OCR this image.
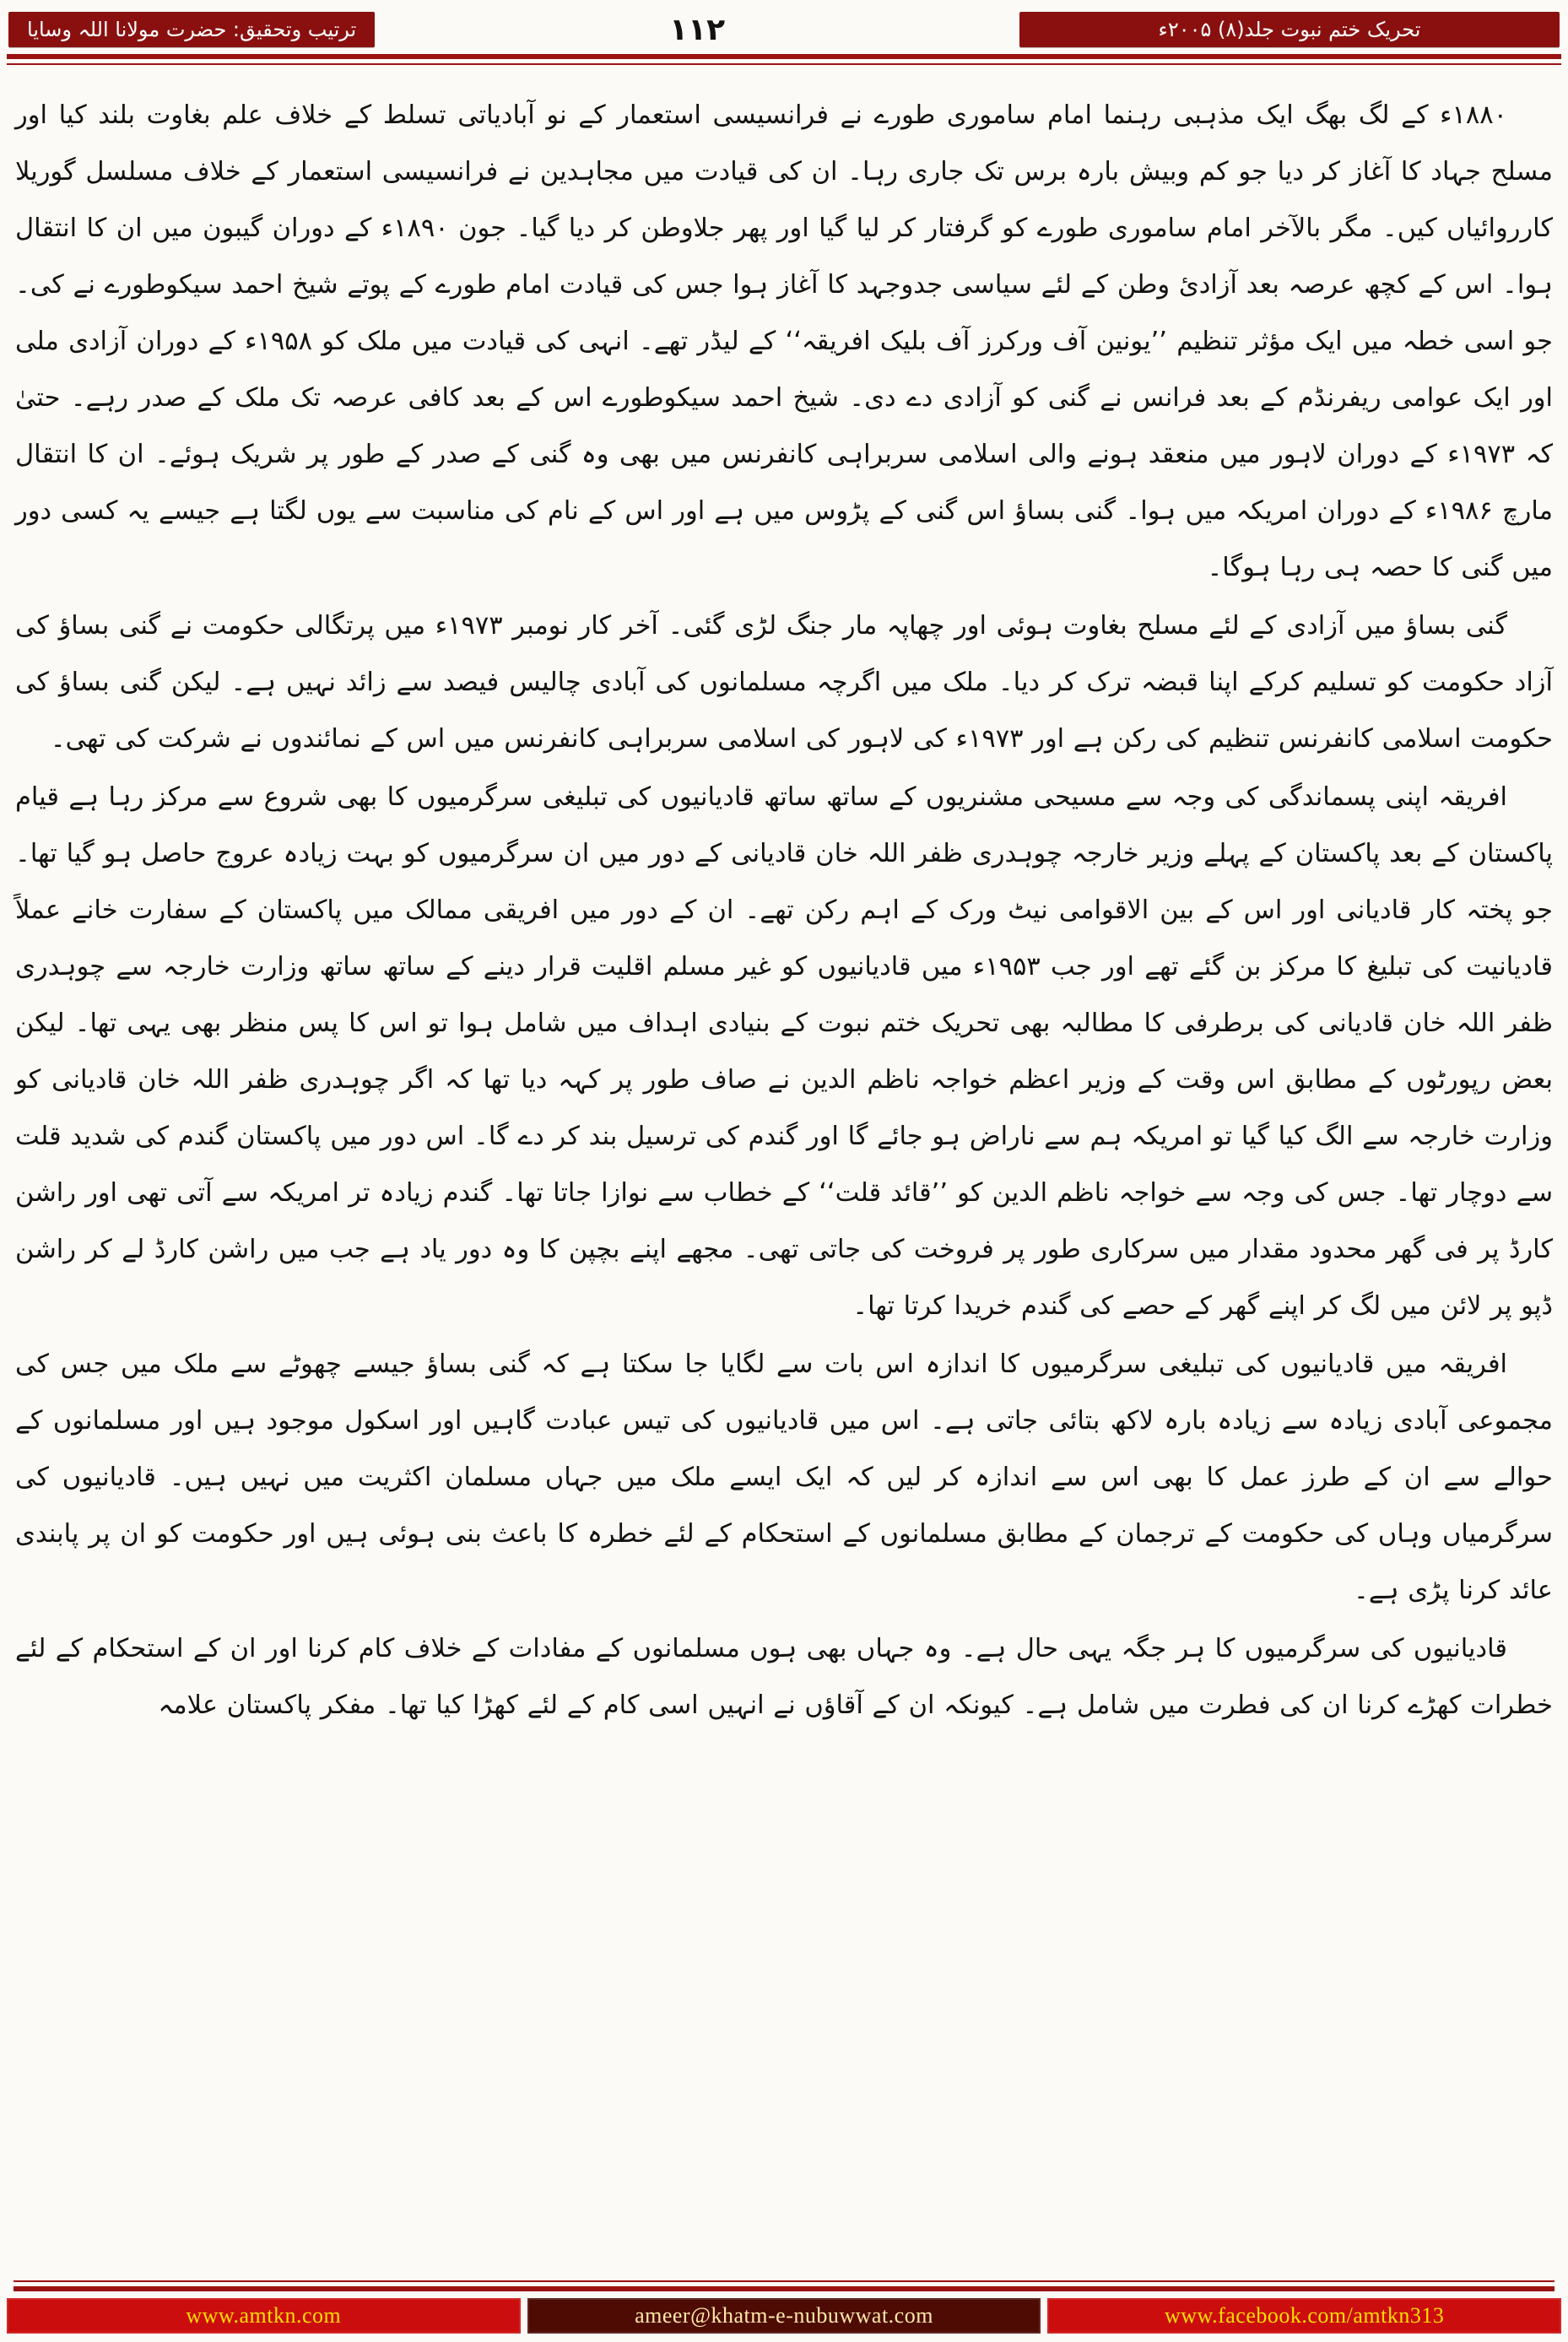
ترتیب وتحقیق: حضرت مولانا اللہ وسایا	۱۱۲	تحریک ختم نبوت جلد(۸) ۲۰۰۵ء

۱۸۸۰ء کے لگ بھگ ایک مذہبی رہنما امام ساموری طورے نے فرانسیسی استعمار کے نو آبادیاتی تسلط کے خلاف علم بغاوت بلند کیا اور مسلح جہاد کا آغاز کر دیا جو کم وبیش بارہ برس تک جاری رہا۔ ان کی قیادت میں مجاہدین نے فرانسیسی استعمار کے خلاف مسلسل گوریلا کارروائیاں کیں۔ مگر بالآخر امام ساموری طورے کو گرفتار کر لیا گیا اور پھر جلاوطن کر دیا گیا۔ جون ۱۸۹۰ء کے دوران گیبون میں ان کا انتقال ہوا۔ اس کے کچھ عرصہ بعد آزادیٔ وطن کے لئے سیاسی جدوجہد کا آغاز ہوا جس کی قیادت امام طورے کے پوتے شیخ احمد سیکوطورے نے کی۔ جو اسی خطہ میں ایک مؤثر تنظیم ’’یونین آف ورکرز آف بلیک افریقہ‘‘ کے لیڈر تھے۔ انہی کی قیادت میں ملک کو ۱۹۵۸ء کے دوران آزادی ملی اور ایک عوامی ریفرنڈم کے بعد فرانس نے گنی کو آزادی دے دی۔ شیخ احمد سیکوطورے اس کے بعد کافی عرصہ تک ملک کے صدر رہے۔ حتیٰ کہ ۱۹۷۳ء کے دوران لاہور میں منعقد ہونے والی اسلامی سربراہی کانفرنس میں بھی وہ گنی کے صدر کے طور پر شریک ہوئے۔ ان کا انتقال مارچ ۱۹۸۶ء کے دوران امریکہ میں ہوا۔ گنی بساؤ اس گنی کے پڑوس میں ہے اور اس کے نام کی مناسبت سے یوں لگتا ہے جیسے یہ کسی دور میں گنی کا حصہ ہی رہا ہوگا۔

گنی بساؤ میں آزادی کے لئے مسلح بغاوت ہوئی اور چھاپہ مار جنگ لڑی گئی۔ آخر کار نومبر ۱۹۷۳ء میں پرتگالی حکومت نے گنی بساؤ کی آزاد حکومت کو تسلیم کرکے اپنا قبضہ ترک کر دیا۔ ملک میں اگرچہ مسلمانوں کی آبادی چالیس فیصد سے زائد نہیں ہے۔ لیکن گنی بساؤ کی حکومت اسلامی کانفرنس تنظیم کی رکن ہے اور ۱۹۷۳ء کی لاہور کی اسلامی سربراہی کانفرنس میں اس کے نمائندوں نے شرکت کی تھی۔

افریقہ اپنی پسماندگی کی وجہ سے مسیحی مشنریوں کے ساتھ ساتھ قادیانیوں کی تبلیغی سرگرمیوں کا بھی شروع سے مرکز رہا ہے قیام پاکستان کے بعد پاکستان کے پہلے وزیر خارجہ چوہدری ظفر اللہ خان قادیانی کے دور میں ان سرگرمیوں کو بہت زیادہ عروج حاصل ہو گیا تھا۔ جو پختہ کار قادیانی اور اس کے بین الاقوامی نیٹ ورک کے اہم رکن تھے۔ ان کے دور میں افریقی ممالک میں پاکستان کے سفارت خانے عملاً قادیانیت کی تبلیغ کا مرکز بن گئے تھے اور جب ۱۹۵۳ء میں قادیانیوں کو غیر مسلم اقلیت قرار دینے کے ساتھ ساتھ وزارت خارجہ سے چوہدری ظفر اللہ خان قادیانی کی برطرفی کا مطالبہ بھی تحریک ختم نبوت کے بنیادی اہداف میں شامل ہوا تو اس کا پس منظر بھی یہی تھا۔ لیکن بعض رپورٹوں کے مطابق اس وقت کے وزیر اعظم خواجہ ناظم الدین نے صاف طور پر کہہ دیا تھا کہ اگر چوہدری ظفر اللہ خان قادیانی کو وزارت خارجہ سے الگ کیا گیا تو امریکہ ہم سے ناراض ہو جائے گا اور گندم کی ترسیل بند کر دے گا۔ اس دور میں پاکستان گندم کی شدید قلت سے دوچار تھا۔ جس کی وجہ سے خواجہ ناظم الدین کو ’’قائد قلت‘‘ کے خطاب سے نوازا جاتا تھا۔ گندم زیادہ تر امریکہ سے آتی تھی اور راشن کارڈ پر فی گھر محدود مقدار میں سرکاری طور پر فروخت کی جاتی تھی۔ مجھے اپنے بچپن کا وہ دور یاد ہے جب میں راشن کارڈ لے کر راشن ڈپو پر لائن میں لگ کر اپنے گھر کے حصے کی گندم خریدا کرتا تھا۔

افریقہ میں قادیانیوں کی تبلیغی سرگرمیوں کا اندازہ اس بات سے لگایا جا سکتا ہے کہ گنی بساؤ جیسے چھوٹے سے ملک میں جس کی مجموعی آبادی زیادہ سے زیادہ بارہ لاکھ بتائی جاتی ہے۔ اس میں قادیانیوں کی تیس عبادت گاہیں اور اسکول موجود ہیں اور مسلمانوں کے حوالے سے ان کے طرز عمل کا بھی اس سے اندازہ کر لیں کہ ایک ایسے ملک میں جہاں مسلمان اکثریت میں نہیں ہیں۔ قادیانیوں کی سرگرمیاں وہاں کی حکومت کے ترجمان کے مطابق مسلمانوں کے استحکام کے لئے خطرہ کا باعث بنی ہوئی ہیں اور حکومت کو ان پر پابندی عائد کرنا پڑی ہے۔

قادیانیوں کی سرگرمیوں کا ہر جگہ یہی حال ہے۔ وہ جہاں بھی ہوں مسلمانوں کے مفادات کے خلاف کام کرنا اور ان کے استحکام کے لئے خطرات کھڑے کرنا ان کی فطرت میں شامل ہے۔ کیونکہ ان کے آقاؤں نے انہیں اسی کام کے لئے کھڑا کیا تھا۔ مفکر پاکستان علامہ

www.amtkn.com	ameer@khatm-e-nubuwwat.com	www.facebook.com/amtkn313
